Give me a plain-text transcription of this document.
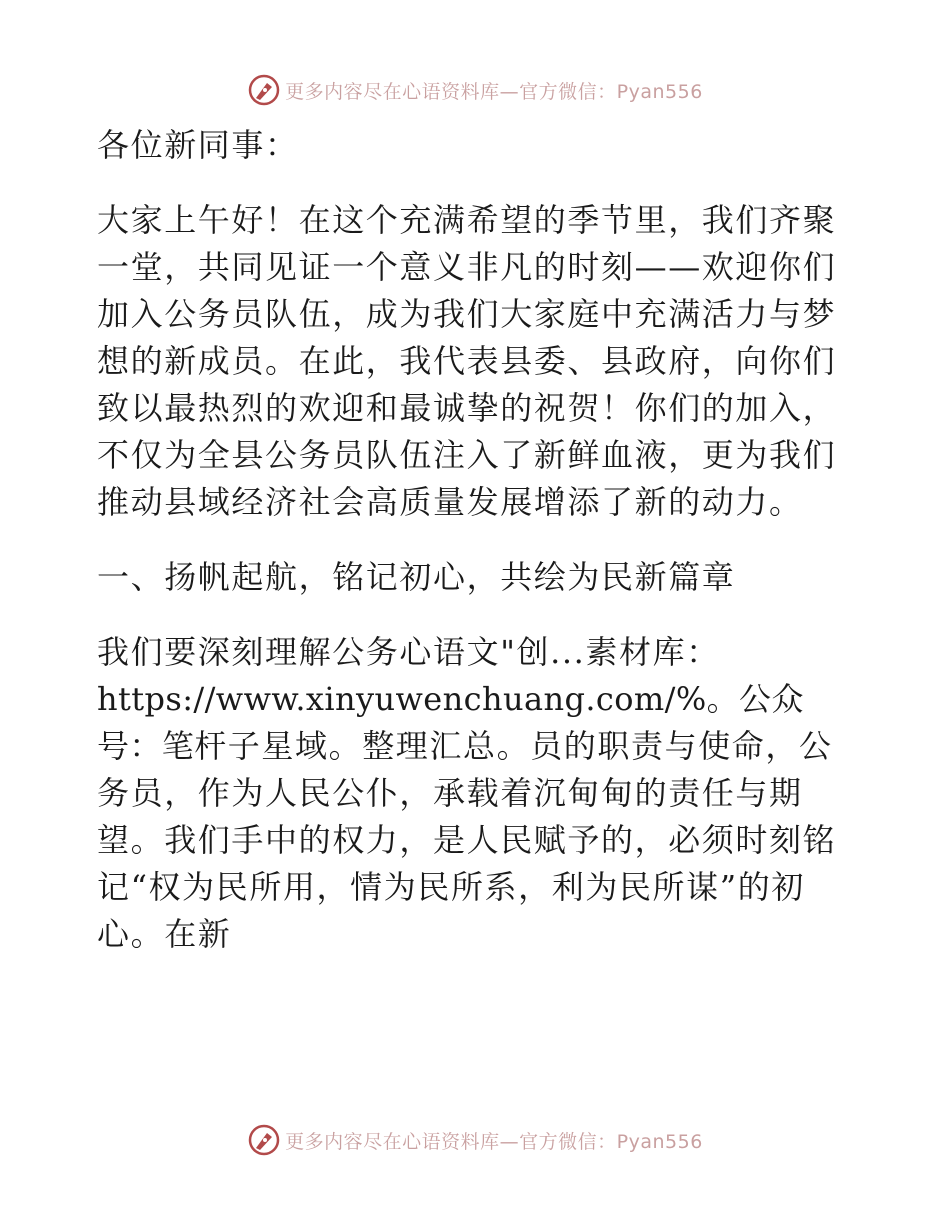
更多内容尽在心语资料库—官方微信：Pyan556

各位新同事：

大家上午好！在这个充满希望的季节里，我们齐聚一堂，共同见证一个意义非凡的时刻——欢迎你们加入公务员队伍，成为我们大家庭中充满活力与梦想的新成员。在此，我代表县委、县政府，向你们致以最热烈的欢迎和最诚挚的祝贺！你们的加入，不仅为全县公务员队伍注入了新鲜血液，更为我们推动县域经济社会高质量发展增添了新的动力。

一、扬帆起航，铭记初心，共绘为民新篇章

我们要深刻理解公务心语文"创...素材库：
https://www.xinyuwenchuang.com/%。公众号：笔杆子星域。整理汇总。员的职责与使命，公务员，作为人民公仆，承载着沉甸甸的责任与期望。我们手中的权力，是人民赋予的，必须时刻铭记“权为民所用，情为民所系，利为民所谋”的初心。在新
更多内容尽在心语资料库—官方微信：Pyan556
